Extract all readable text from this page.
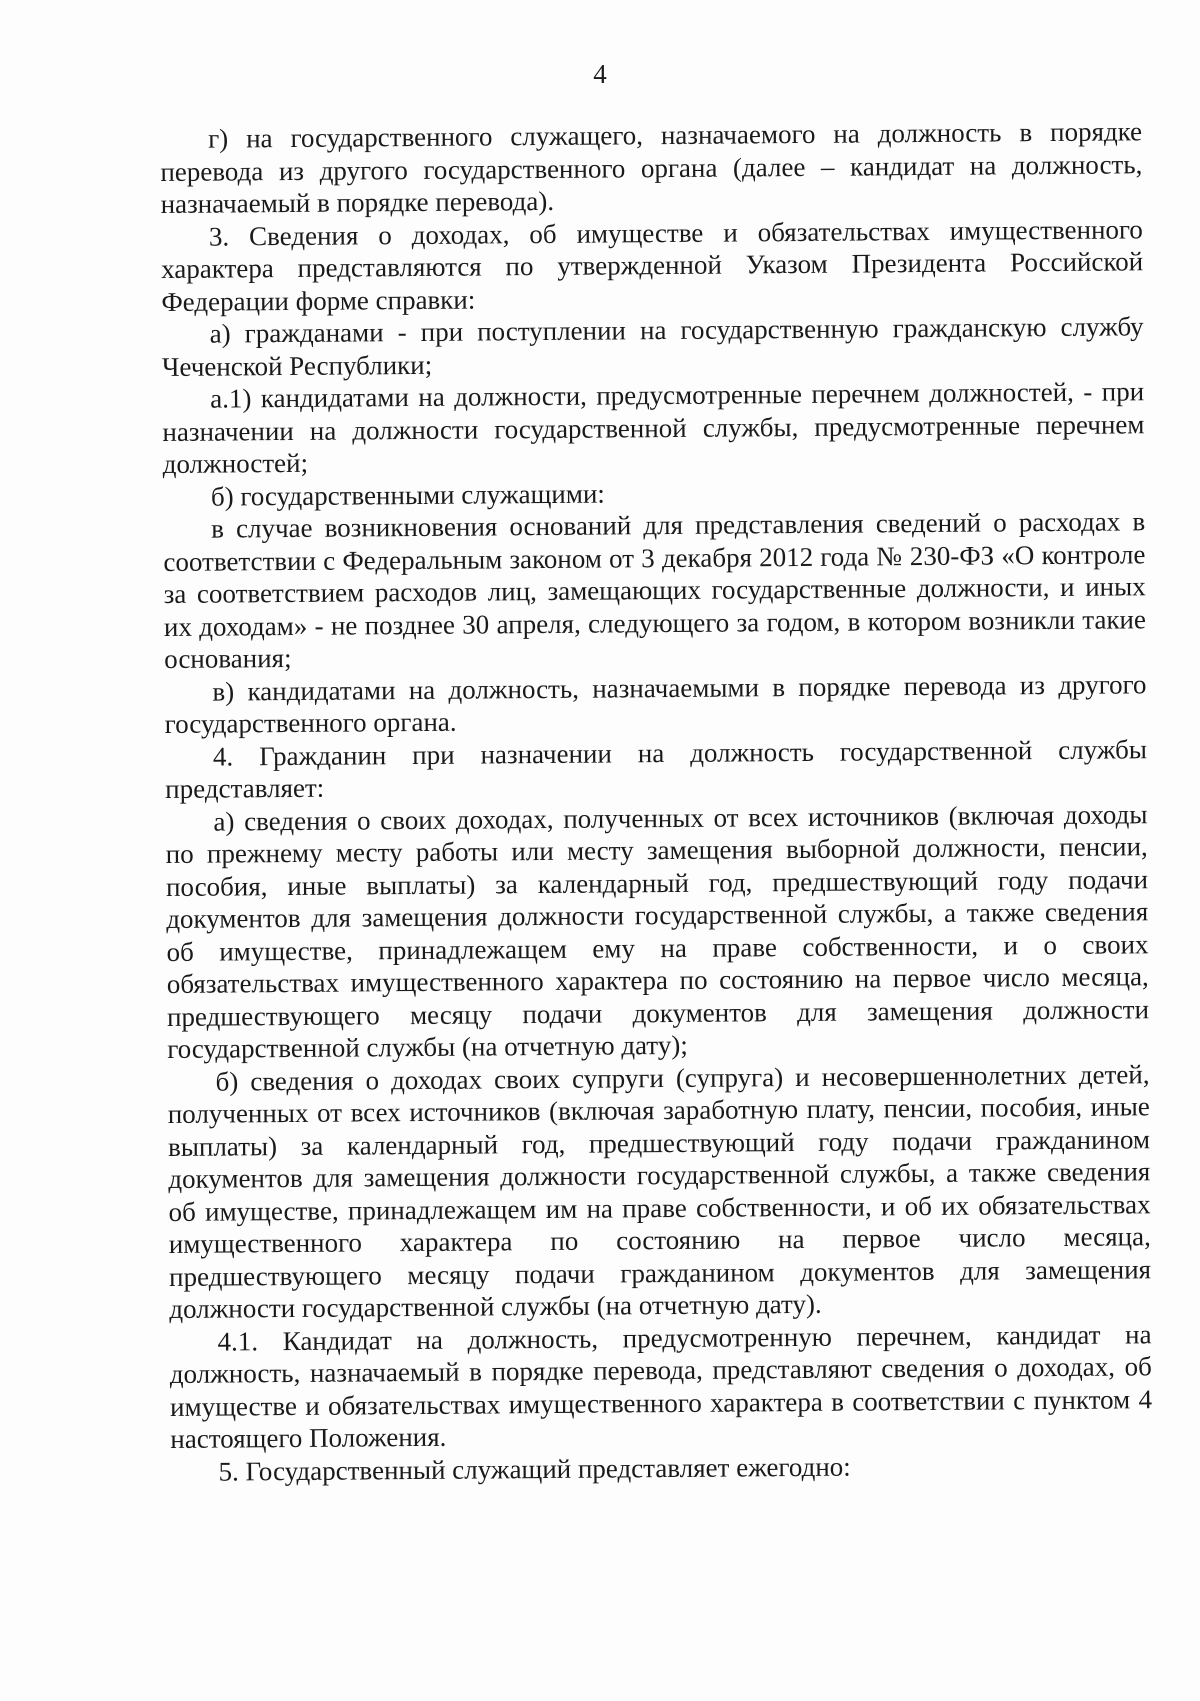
4

г) на государственного служащего, назначаемого на должность в порядке перевода из другого государственного органа (далее – кандидат на должность, назначаемый в порядке перевода).

3. Сведения о доходах, об имуществе и обязательствах имущественного характера представляются по утвержденной Указом Президента Российской Федерации форме справки:

а) гражданами - при поступлении на государственную гражданскую службу Чеченской Республики;

а.1) кандидатами на должности, предусмотренные перечнем должностей, - при назначении на должности государственной службы, предусмотренные перечнем должностей;

б) государственными служащими:

в случае возникновения оснований для представления сведений о расходах в соответствии с Федеральным законом от 3 декабря 2012 года № 230-ФЗ «О контроле за соответствием расходов лиц, замещающих государственные должности, и иных их доходам» - не позднее 30 апреля, следующего за годом, в котором возникли такие основания;

в) кандидатами на должность, назначаемыми в порядке перевода из другого государственного органа.

4. Гражданин при назначении на должность государственной службы представляет:

а) сведения о своих доходах, полученных от всех источников (включая доходы по прежнему месту работы или месту замещения выборной должности, пенсии, пособия, иные выплаты) за календарный год, предшествующий году подачи документов для замещения должности государственной службы, а также сведения об имуществе, принадлежащем ему на праве собственности, и о своих обязательствах имущественного характера по состоянию на первое число месяца, предшествующего месяцу подачи документов для замещения должности государственной службы (на отчетную дату);

б) сведения о доходах своих супруги (супруга) и несовершеннолетних детей, полученных от всех источников (включая заработную плату, пенсии, пособия, иные выплаты) за календарный год, предшествующий году подачи гражданином документов для замещения должности государственной службы, а также сведения об имуществе, принадлежащем им на праве собственности, и об их обязательствах имущественного характера по состоянию на первое число месяца, предшествующего месяцу подачи гражданином документов для замещения должности государственной службы (на отчетную дату).

4.1. Кандидат на должность, предусмотренную перечнем, кандидат на должность, назначаемый в порядке перевода, представляют сведения о доходах, об имуществе и обязательствах имущественного характера в соответствии с пунктом 4 настоящего Положения.

5. Государственный служащий представляет ежегодно:
